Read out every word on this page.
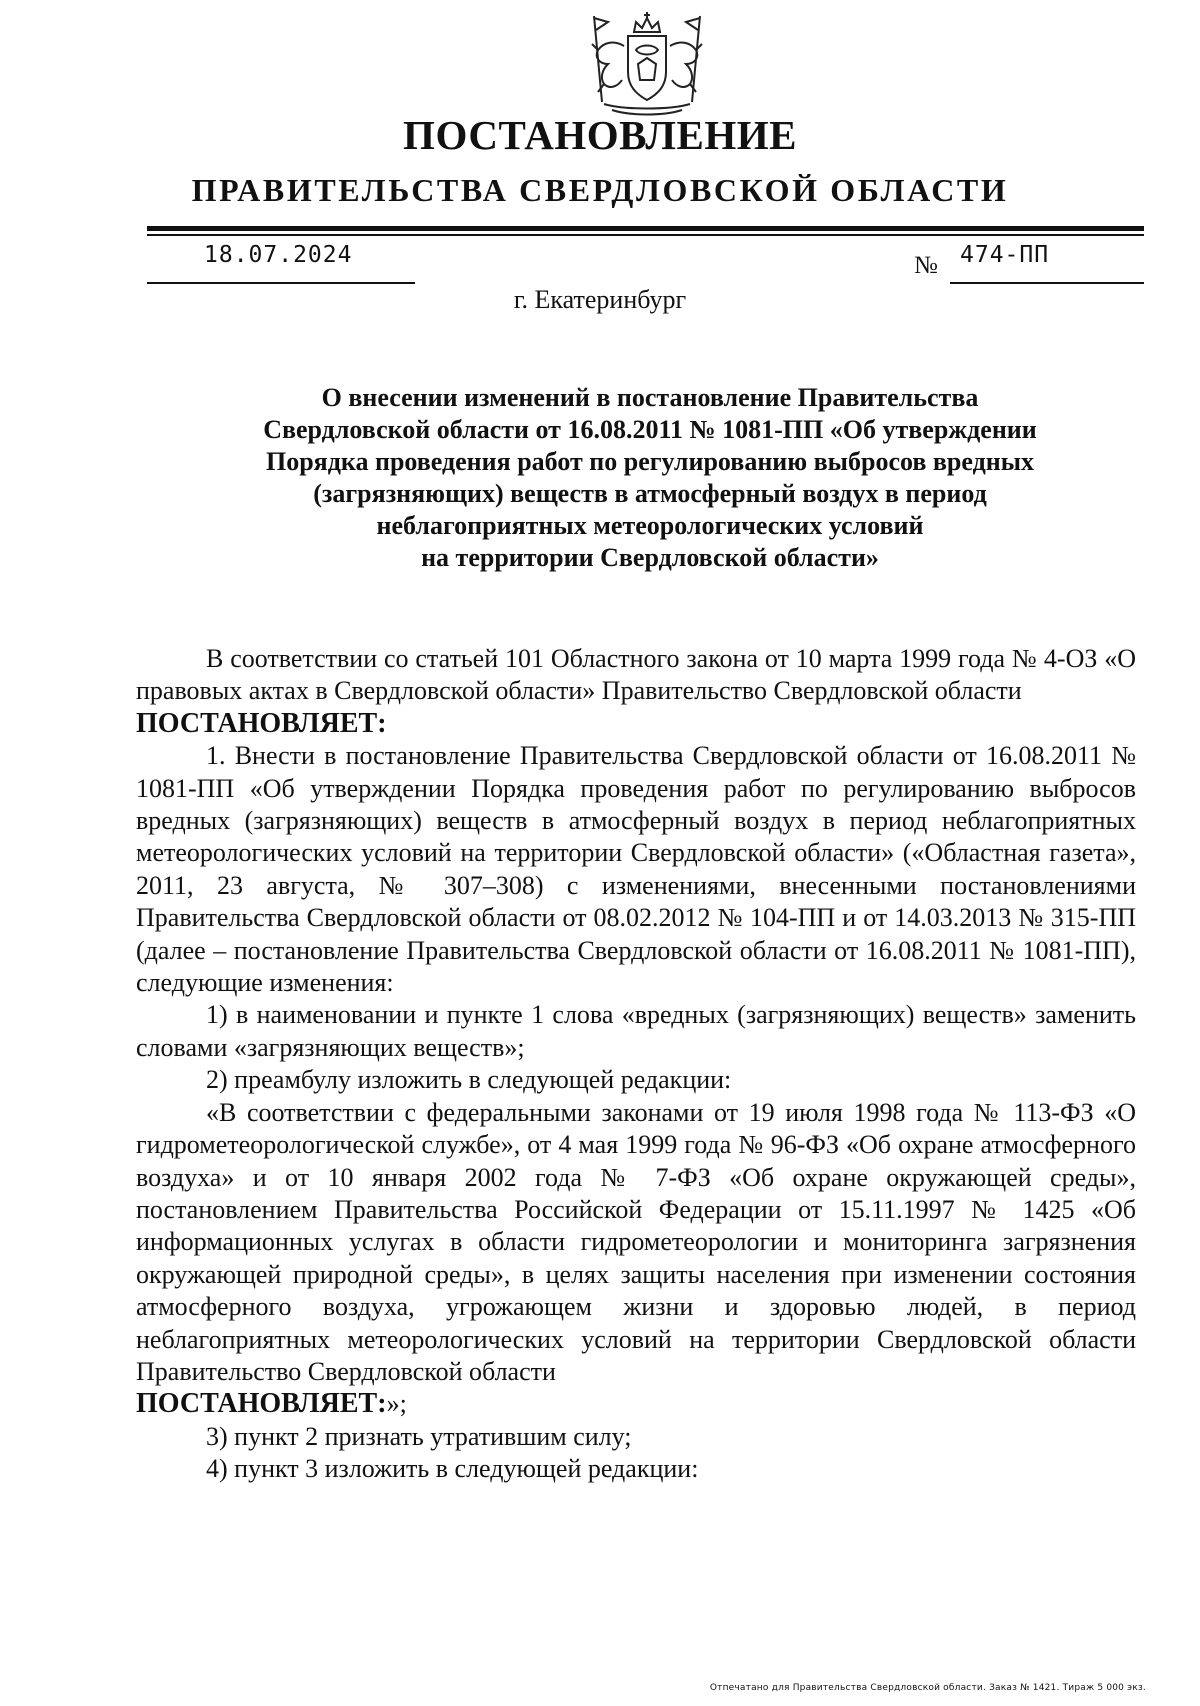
ПОСТАНОВЛЕНИЕ
ПРАВИТЕЛЬСТВА СВЕРДЛОВСКОЙ ОБЛАСТИ
18.07.2024	№ 474-ПП
г. Екатеринбург
О внесении изменений в постановление Правительства
Свердловской области от 16.08.2011 № 1081-ПП «Об утверждении
Порядка проведения работ по регулированию выбросов вредных
(загрязняющих) веществ в атмосферный воздух в период
неблагоприятных метеорологических условий
на территории Свердловской области»

В соответствии со статьей 101 Областного закона от 10 марта 1999 года № 4-ОЗ «О правовых актах в Свердловской области» Правительство Свердловской области

ПОСТАНОВЛЯЕТ:

1. Внести в постановление Правительства Свердловской области от 16.08.2011 № 1081-ПП «Об утверждении Порядка проведения работ по регулированию выбросов вредных (загрязняющих) веществ в атмосферный воздух в период неблагоприятных метеорологических условий на территории Свердловской области» («Областная газета», 2011, 23 августа, № 307–308) с изменениями, внесенными постановлениями Правительства Свердловской области от 08.02.2012 № 104-ПП и от 14.03.2013 № 315-ПП (далее – постановление Правительства Свердловской области от 16.08.2011 № 1081-ПП), следующие изменения:

1) в наименовании и пункте 1 слова «вредных (загрязняющих) веществ» заменить словами «загрязняющих веществ»;

2) преамбулу изложить в следующей редакции:

«В соответствии с федеральными законами от 19 июля 1998 года № 113-ФЗ «О гидрометеорологической службе», от 4 мая 1999 года № 96-ФЗ «Об охране атмосферного воздуха» и от 10 января 2002 года № 7-ФЗ «Об охране окружающей среды», постановлением Правительства Российской Федерации от 15.11.1997 № 1425 «Об информационных услугах в области гидрометеорологии и мониторинга загрязнения окружающей природной среды», в целях защиты населения при изменении состояния атмосферного воздуха, угрожающем жизни и здоровью людей, в период неблагоприятных метеорологических условий на территории Свердловской области Правительство Свердловской области

ПОСТАНОВЛЯЕТ:»;

3) пункт 2 признать утратившим силу;

4) пункт 3 изложить в следующей редакции:

Отпечатано для Правительства Свердловской области. Заказ № 1421. Тираж 5 000 экз.
